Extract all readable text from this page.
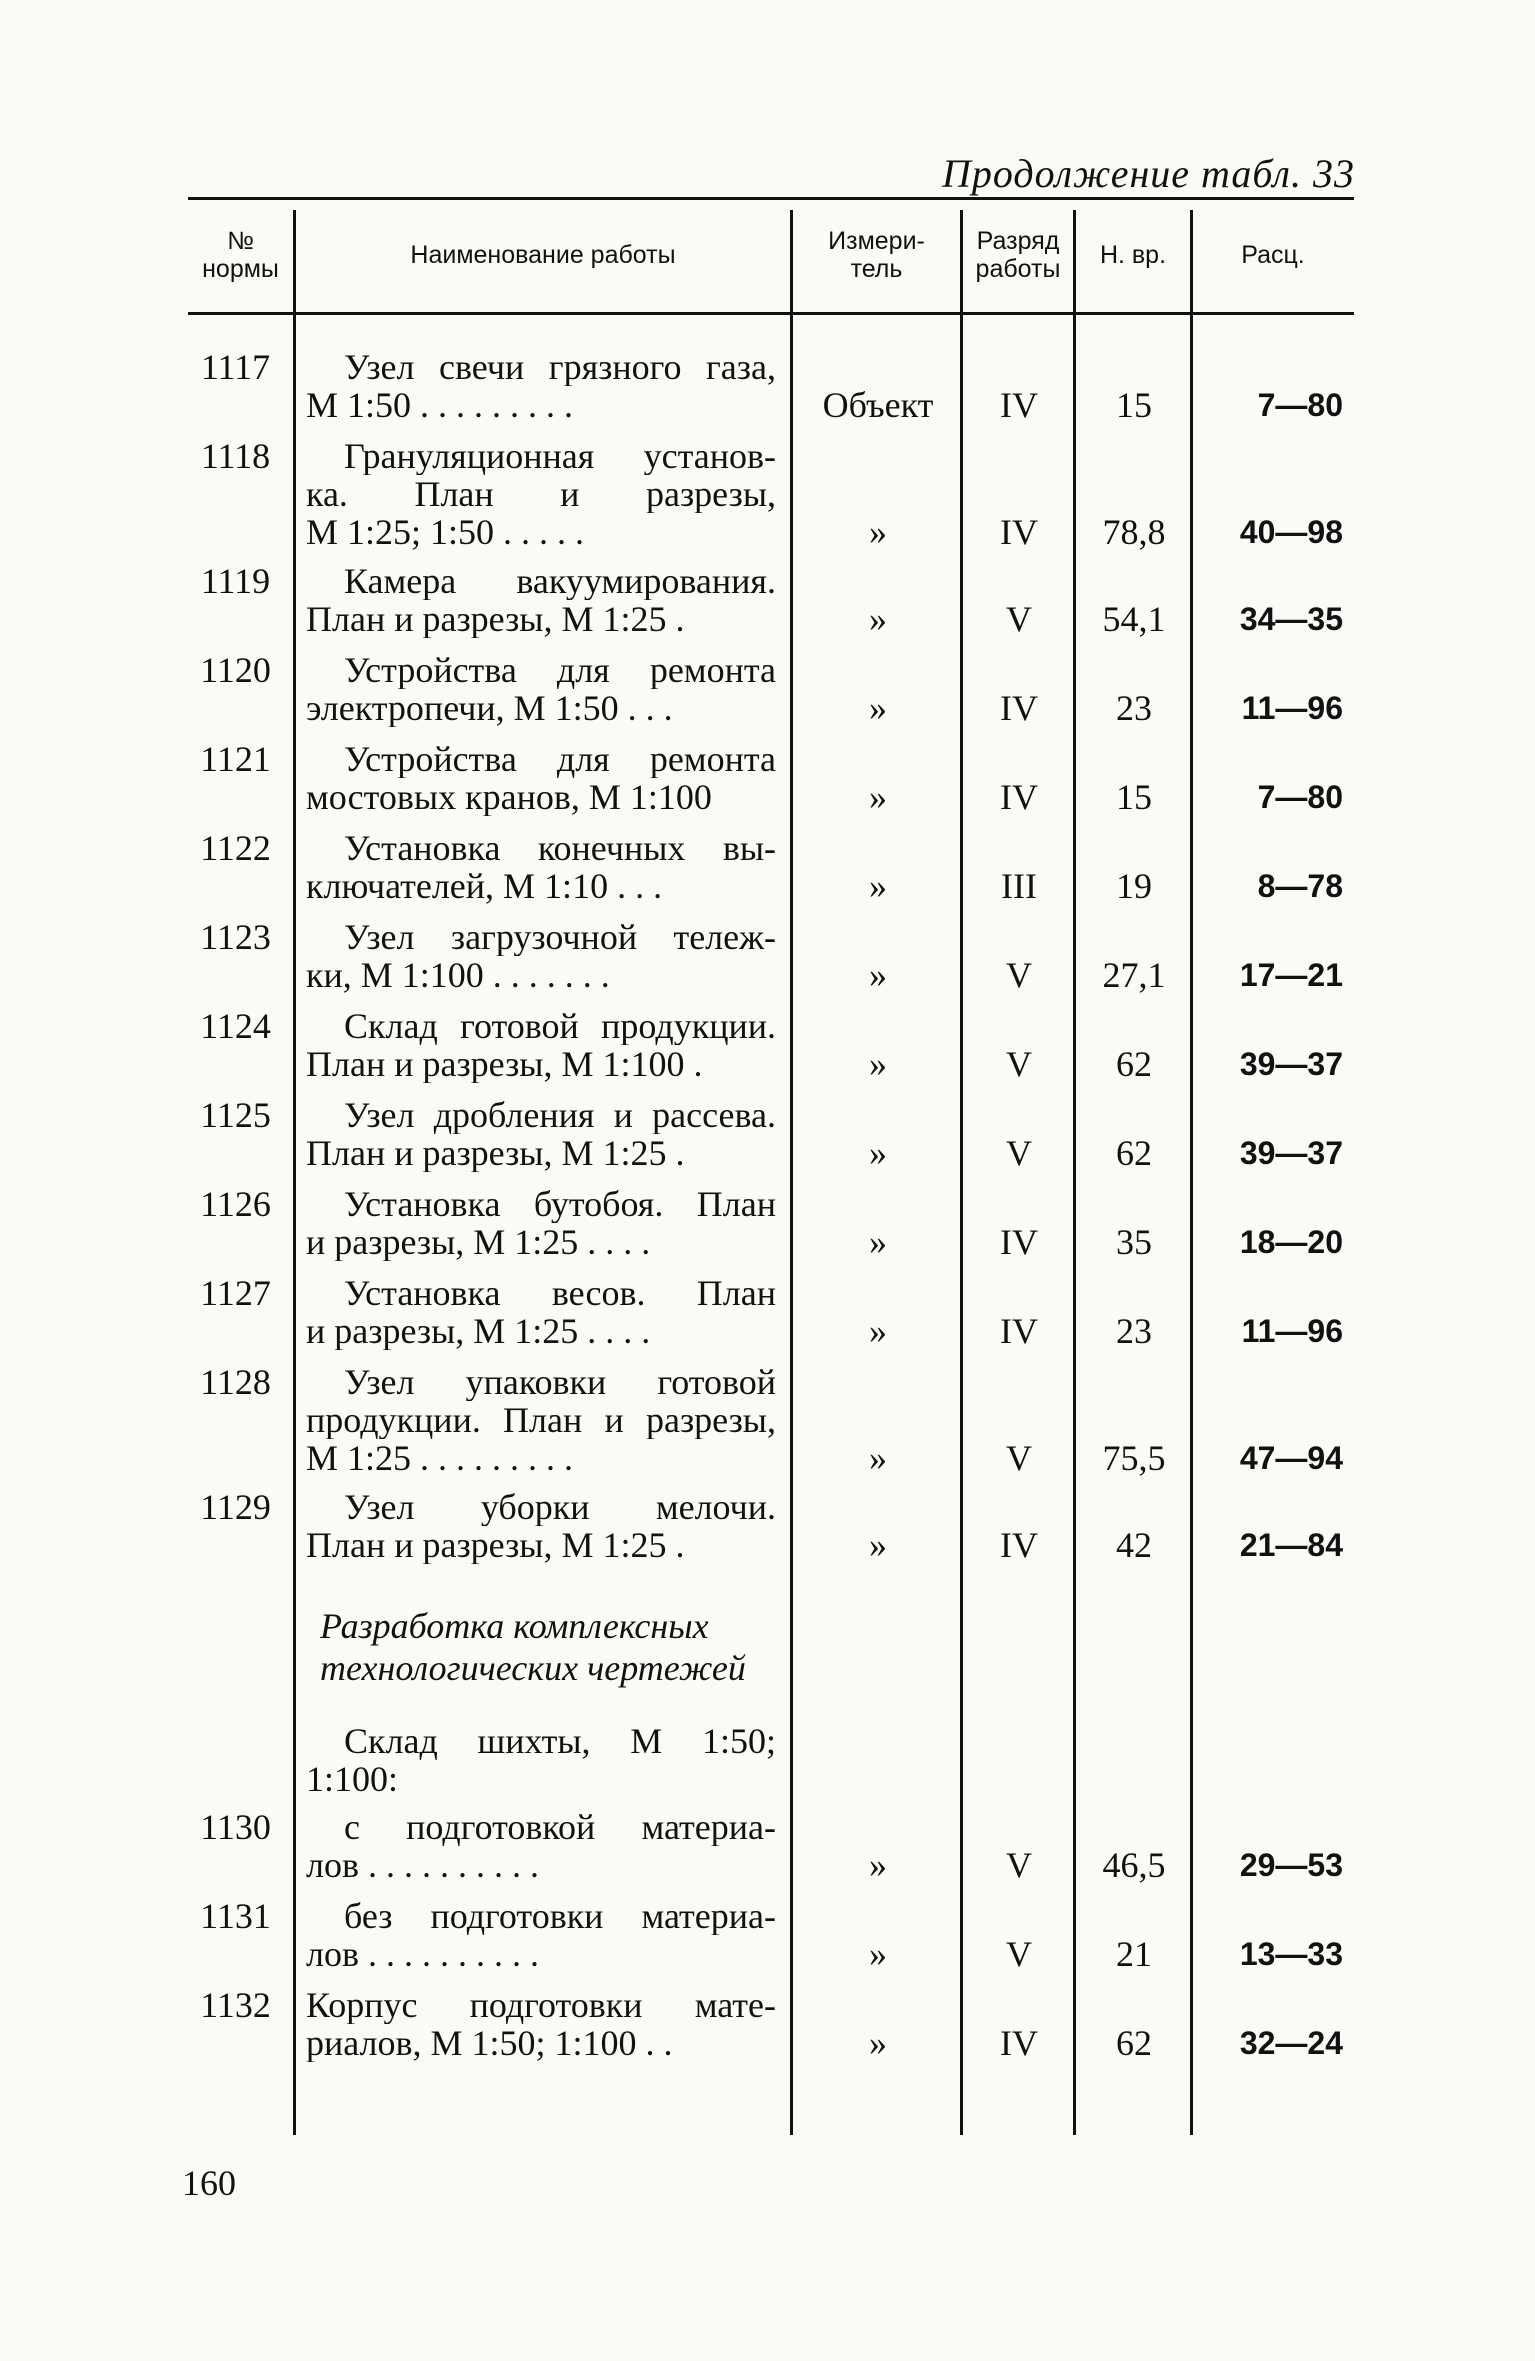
Продолжение табл. 33
№
нормы	Наименование работы	Измери-
тель
Разряд
работы	Н. вр.	Расц.
1117	Узел свечи грязного газа,
М 1:50 . . . . . . . . .	Объект	IV	15	7—80
1118	Грануляционная установ-
ка. План и разрезы,
М 1:25; 1:50 . . . . .	»	IV	78,8	40—98
1119	Камера вакуумирования.
План и разрезы, М 1:25 .	»	V	54,1	34—35
1120	Устройства для ремонта
электропечи, М 1:50 . . .	»	IV	23	11—96
1121	Устройства для ремонта
мостовых кранов, М 1:100	»	IV	15	7—80
1122	Установка конечных вы-
ключателей, М 1:10 . . .	»	III	19	8—78
1123	Узел загрузочной тележ-
ки, М 1:100 . . . . . . .	»	V	27,1	17—21
1124	Склад готовой продукции.
План и разрезы, М 1:100 .	»	V	62	39—37
1125	Узел дробления и рассева.
План и разрезы, М 1:25 .	»	V	62	39—37
1126	Установка бутобоя. План
и разрезы, М 1:25 . . . .	»	IV	35	18—20
1127	Установка весов. План
и разрезы, М 1:25 . . . .	»	IV	23	11—96
1128	Узел упаковки готовой
продукции. План и разрезы,
М 1:25 . . . . . . . . .	»	V	75,5	47—94
1129	Узел уборки мелочи.
План и разрезы, М 1:25 .	»	IV	42	21—84
1130	с подготовкой материа-
лов . . . . . . . . . .	»	V	46,5	29—53
1131	без подготовки материа-
лов . . . . . . . . . .	»	V	21	13—33
1132 Корпус подготовки мате-
риалов, М 1:50; 1:100 . .	»	IV	62	32—24
Разработка комплексных технологических чертежей
Склад шихты, М 1:50;
1:100:
160
